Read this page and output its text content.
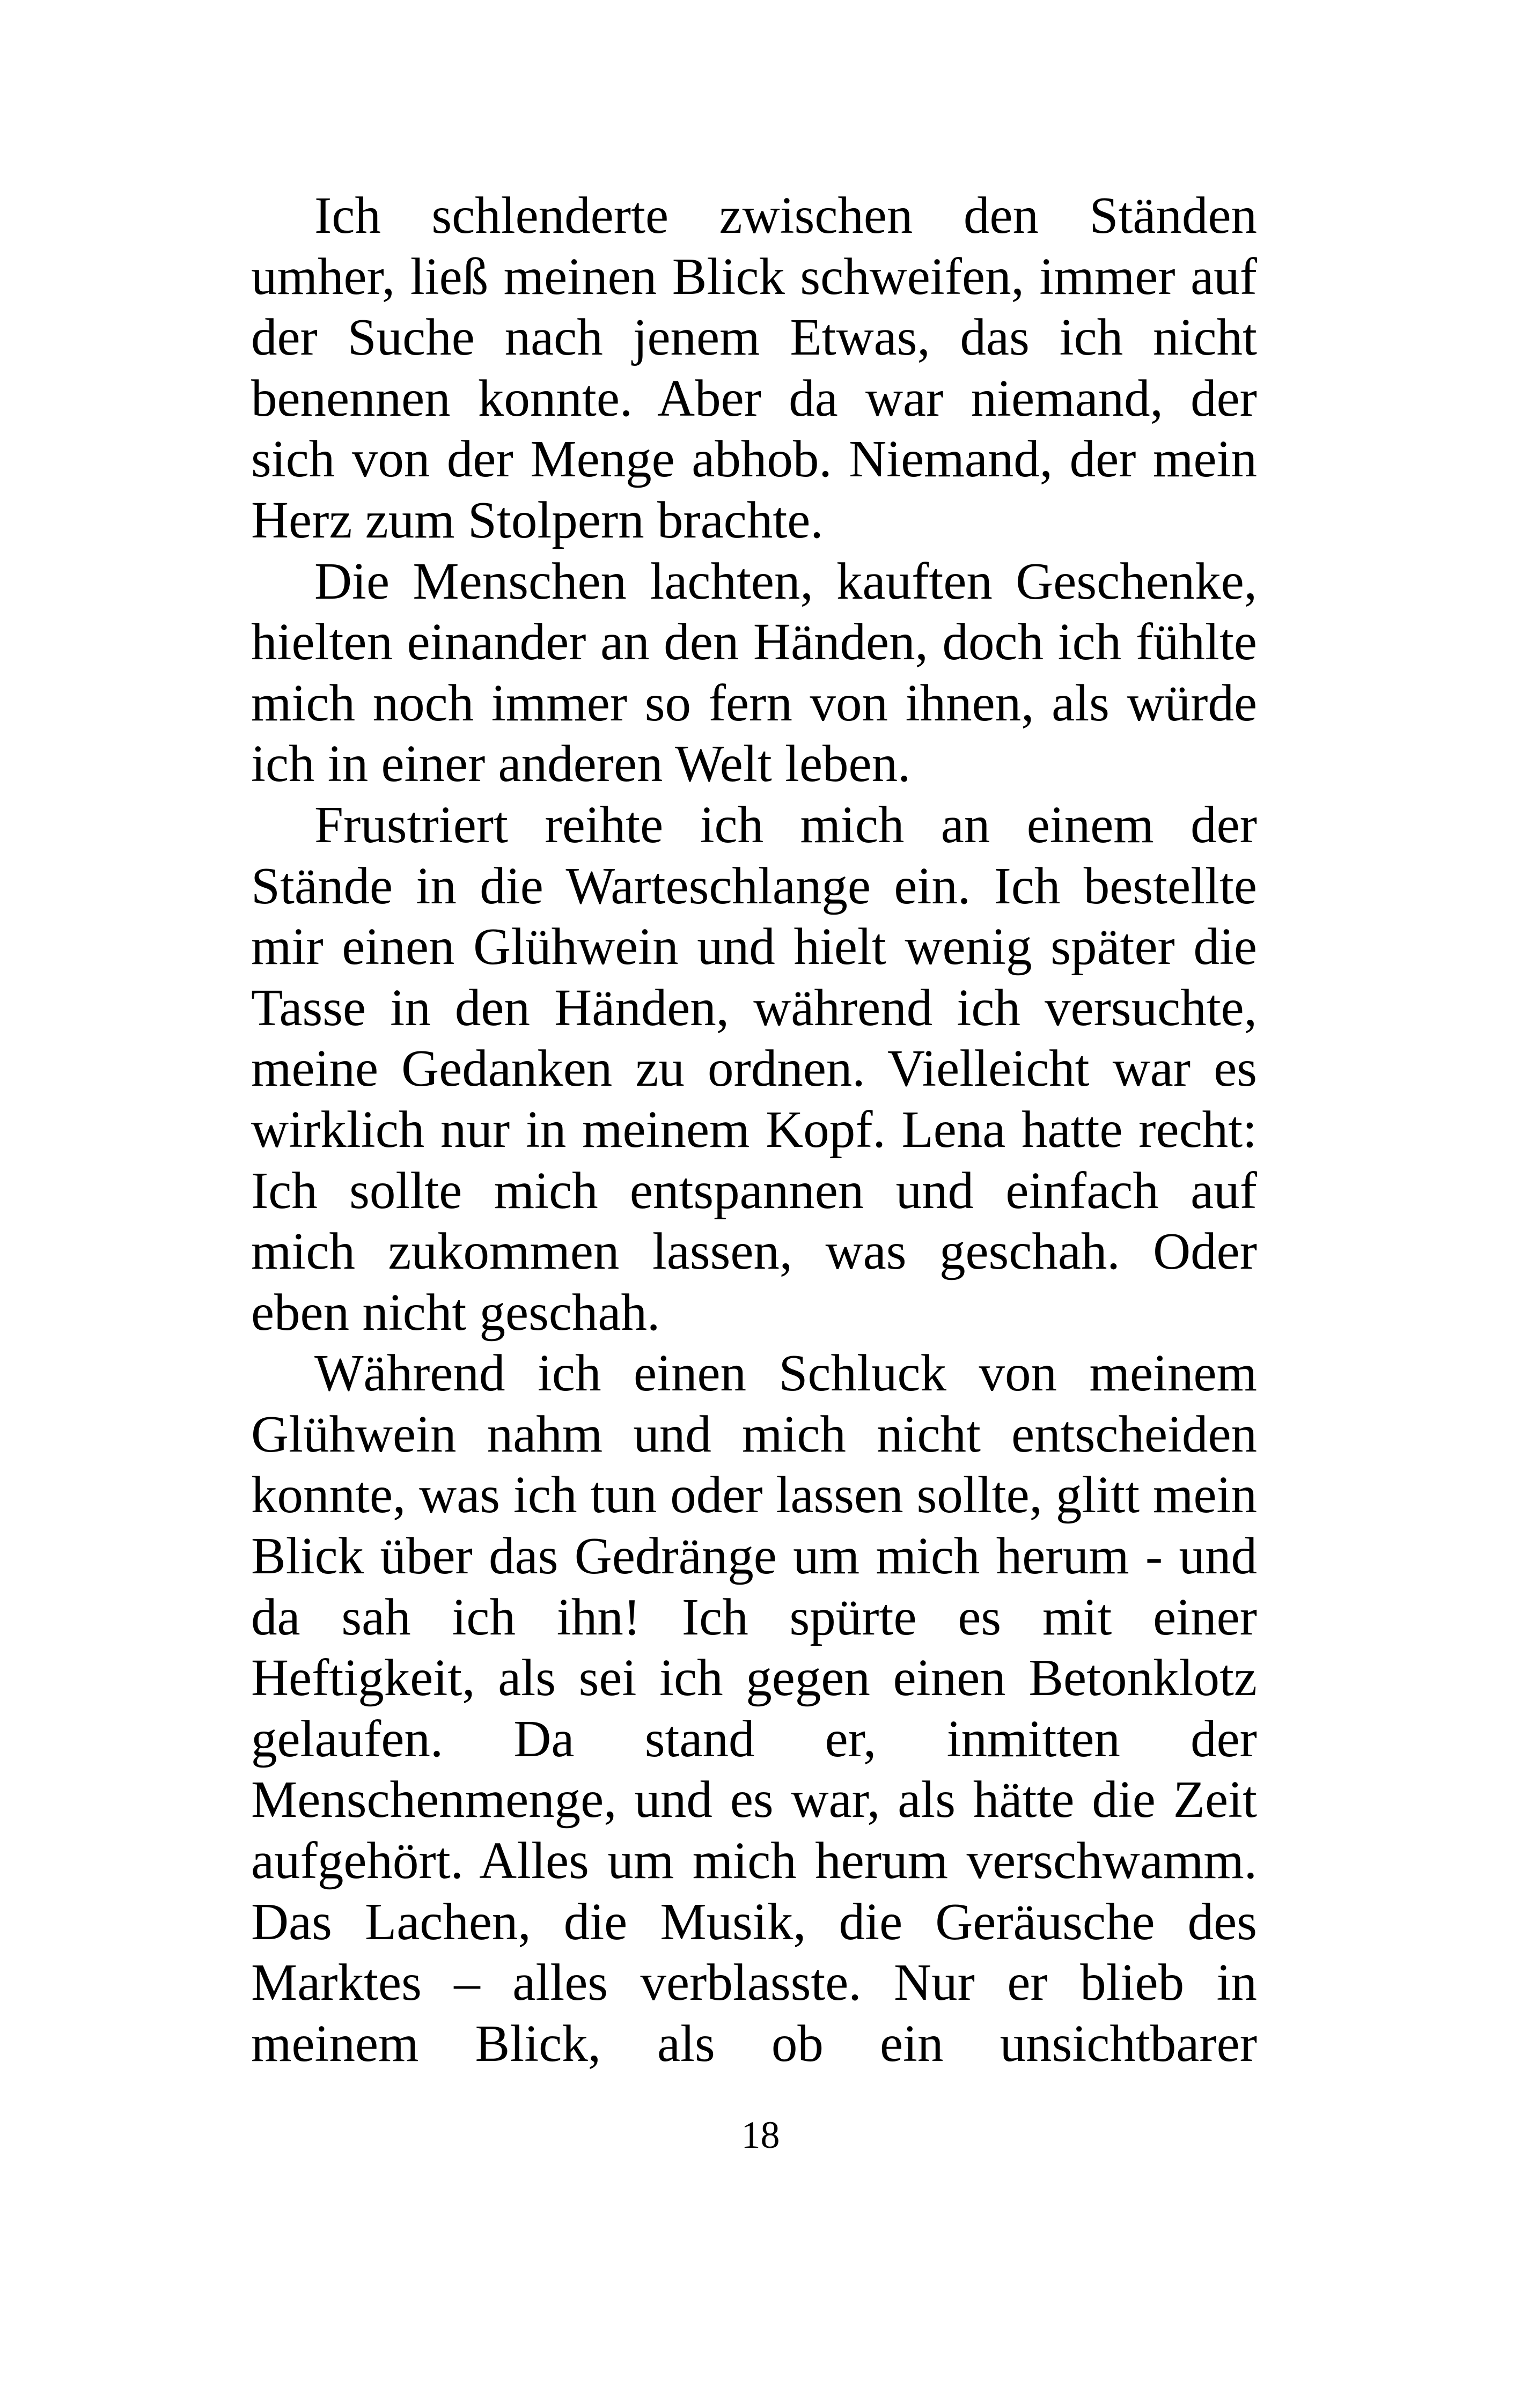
Ich schlenderte zwischen den Ständen
umher, ließ meinen Blick schweifen, immer auf
der Suche nach jenem Etwas, das ich nicht
benennen konnte. Aber da war niemand, der
sich von der Menge abhob. Niemand, der mein
Herz zum Stolpern brachte.
Die Menschen lachten, kauften Geschenke,
hielten einander an den Händen, doch ich fühlte
mich noch immer so fern von ihnen, als würde
ich in einer anderen Welt leben.
Frustriert reihte ich mich an einem der
Stände in die Warteschlange ein. Ich bestellte
mir einen Glühwein und hielt wenig später die
Tasse in den Händen, während ich versuchte,
meine Gedanken zu ordnen. Vielleicht war es
wirklich nur in meinem Kopf. Lena hatte recht:
Ich sollte mich entspannen und einfach auf
mich zukommen lassen, was geschah. Oder
eben nicht geschah.
Während ich einen Schluck von meinem
Glühwein nahm und mich nicht entscheiden
konnte, was ich tun oder lassen sollte, glitt mein
Blick über das Gedränge um mich herum - und
da sah ich ihn! Ich spürte es mit einer
Heftigkeit, als sei ich gegen einen Betonklotz
gelaufen. Da stand er, inmitten der
Menschenmenge, und es war, als hätte die Zeit
aufgehört. Alles um mich herum verschwamm.
Das Lachen, die Musik, die Geräusche des
Marktes – alles verblasste. Nur er blieb in
meinem Blick, als ob ein unsichtbarer
18
